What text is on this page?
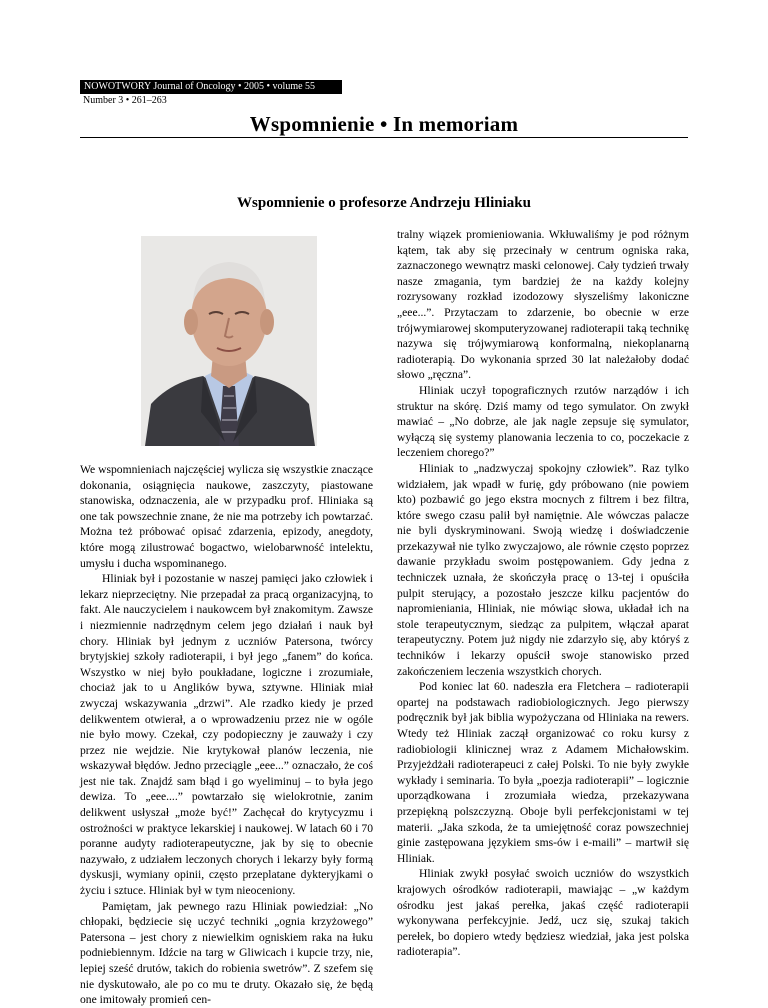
NOWOTWORY Journal of Oncology • 2005 • volume 55
Number 3 • 261–263
Wspomnienie • In memoriam
Wspomnienie o profesorze Andrzeju Hliniaku

We wspomnieniach najczęściej wylicza się wszystkie znaczące dokonania, osiągnięcia naukowe, zaszczyty, piastowane stanowiska, odznaczenia, ale w przypadku prof. Hliniaka są one tak powszechnie znane, że nie ma potrzeby ich powtarzać. Można też próbować opisać zdarzenia, epizody, anegdoty, które mogą zilustrować bogactwo, wielobarwność intelektu, umysłu i ducha wspominanego.

Hliniak był i pozostanie w naszej pamięci jako człowiek i lekarz nieprzeciętny. Nie przepadał za pracą organizacyjną, to fakt. Ale nauczycielem i naukowcem był znakomitym. Zawsze i niezmiennie nadrzędnym celem jego działań i nauk był chory. Hliniak był jednym z uczniów Patersona, twórcy brytyjskiej szkoły radioterapii, i był jego „fanem” do końca. Wszystko w niej było poukładane, logiczne i zrozumiałe, chociaż jak to u Anglików bywa, sztywne. Hliniak miał zwyczaj wskazywania „drzwi”. Ale rzadko kiedy je przed delikwentem otwierał, a o wprowadzeniu przez nie w ogóle nie było mowy. Czekał, czy podopieczny je zauważy i czy przez nie wejdzie. Nie krytykował planów leczenia, nie wskazywał błędów. Jedno przeciągle „eee...” oznaczało, że coś jest nie tak. Znajdź sam błąd i go wyeliminuj – to była jego dewiza. To „eee....” powtarzało się wielokrotnie, zanim delikwent usłyszał „może być!” Zachęcał do krytycyzmu i ostrożności w praktyce lekarskiej i naukowej. W latach 60 i 70 poranne audyty radioterapeutyczne, jak by się to obecnie nazywało, z udziałem leczonych chorych i lekarzy były formą dyskusji, wymiany opinii, często przeplatane dykteryjkami o życiu i sztuce. Hliniak był w tym nieoceniony.

Pamiętam, jak pewnego razu Hliniak powiedział: „No chłopaki, będziecie się uczyć techniki „ognia krzyżowego” Patersona – jest chory z niewielkim ogniskiem raka na łuku podniebiennym. Idźcie na targ w Gliwicach i kupcie trzy, nie, lepiej sześć drutów, takich do robienia swetrów”. Z szefem się nie dyskutowało, ale po co mu te druty. Okazało się, że będą one imitowały promień cen-

tralny wiązek promieniowania. Wkłuwaliśmy je pod różnym kątem, tak aby się przecinały w centrum ogniska raka, zaznaczonego wewnątrz maski celonowej. Cały tydzień trwały nasze zmagania, tym bardziej że na każdy kolejny rozrysowany rozkład izodozowy słyszeliśmy lakoniczne „eee...”. Przytaczam to zdarzenie, bo obecnie w erze trójwymiarowej skomputeryzowanej radioterapii taką technikę nazywa się trójwymiarową konformalną, niekoplanarną radioterapią. Do wykonania sprzed 30 lat należałoby dodać słowo „ręczna”.

Hliniak uczył topograficznych rzutów narządów i ich struktur na skórę. Dziś mamy od tego symulator. On zwykł mawiać – „No dobrze, ale jak nagle zepsuje się symulator, wyłączą się systemy planowania leczenia to co, poczekacie z leczeniem chorego?”

Hliniak to „nadzwyczaj spokojny człowiek”. Raz tylko widziałem, jak wpadł w furię, gdy próbowano (nie powiem kto) pozbawić go jego ekstra mocnych z filtrem i bez filtra, które swego czasu palił był namiętnie. Ale wówczas palacze nie byli dyskryminowani. Swoją wiedzę i doświadczenie przekazywał nie tylko zwyczajowo, ale równie często poprzez dawanie przykładu swoim postępowaniem. Gdy jedna z techniczek uznała, że skończyła pracę o 13-tej i opuściła pulpit sterujący, a pozostało jeszcze kilku pacjentów do napromieniania, Hliniak, nie mówiąc słowa, układał ich na stole terapeutycznym, siedząc za pulpitem, włączał aparat terapeutyczny. Potem już nigdy nie zdarzyło się, aby któryś z techników i lekarzy opuścił swoje stanowisko przed zakończeniem leczenia wszystkich chorych.

Pod koniec lat 60. nadeszła era Fletchera – radioterapii opartej na podstawach radiobiologicznych. Jego pierwszy podręcznik był jak biblia wypożyczana od Hliniaka na rewers. Wtedy też Hliniak zaczął organizować co roku kursy z radiobiologii klinicznej wraz z Adamem Michałowskim. Przyjeżdżałi radioterapeuci z całej Polski. To nie były zwykłe wykłady i seminaria. To była „poezja radioterapii” – logicznie uporządkowana i zrozumiała wiedza, przekazywana przepiękną polszczyzną. Oboje byli perfekcjonistami w tej materii. „Jaka szkoda, że ta umiejętność coraz powszechniej ginie zastępowana językiem sms-ów i e-maili” – martwił się Hliniak.

Hliniak zwykł posyłać swoich uczniów do wszystkich krajowych ośrodków radioterapii, mawiając – „w każdym ośrodku jest jakaś perełka, jakaś część radioterapii wykonywana perfekcyjnie. Jedź, ucz się, szukaj takich perełek, bo dopiero wtedy będziesz wiedział, jaka jest polska radioterapia”.
